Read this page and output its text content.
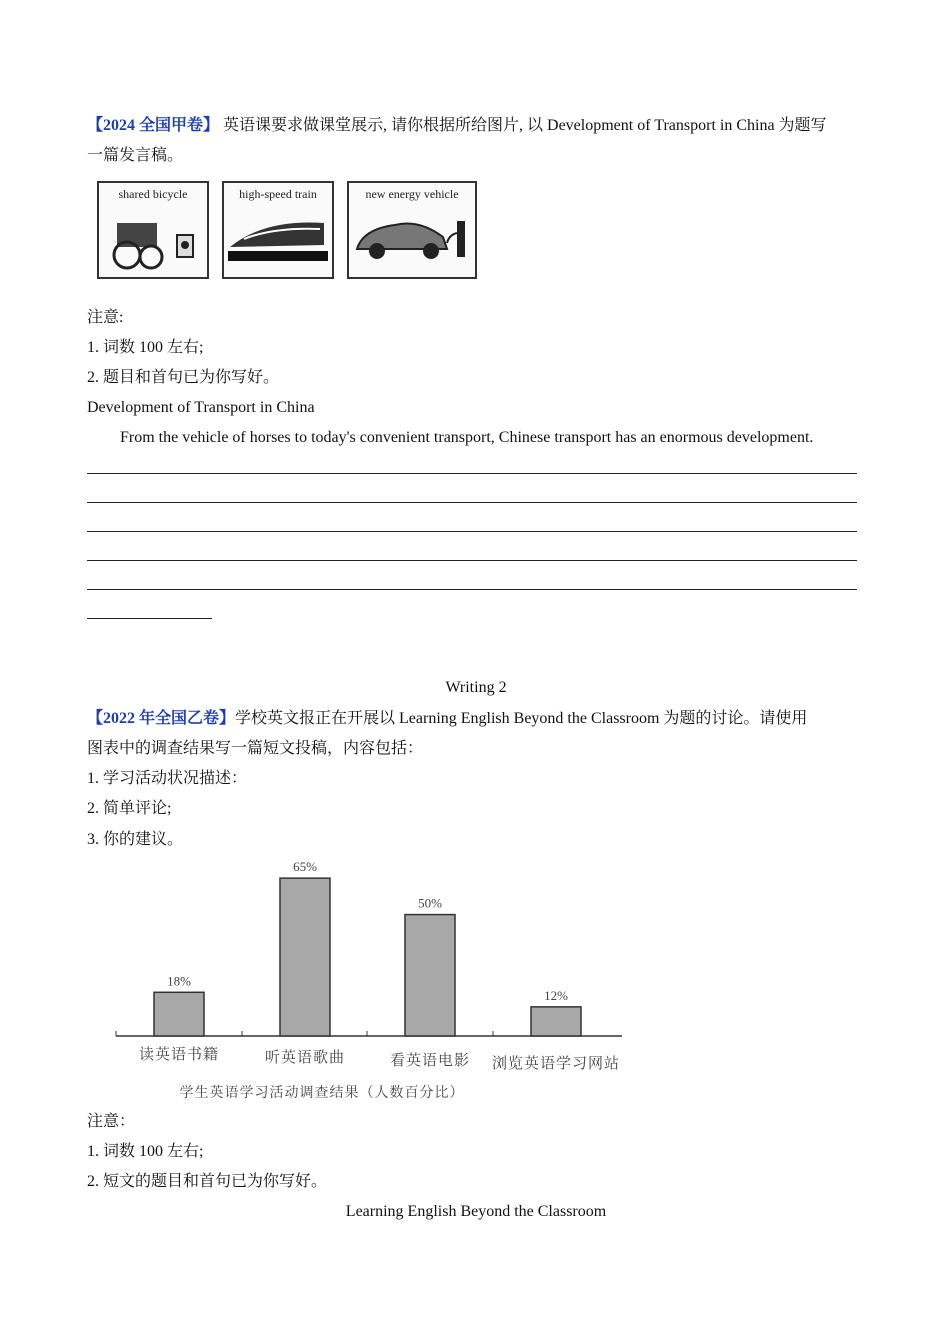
【2024 全国甲卷】 英语课要求做课堂展示, 请你根据所给图片, 以 Development of Transport in China 为题写
一篇发言稿。
shared bicycle	high-speed train	new energy vehicle
注意:
1. 词数 100 左右;
2. 题目和首句已为你写好。
Development of Transport in China
From the vehicle of horses to today's convenient transport, Chinese transport has an enormous development.
Writing 2
【2022 年全国乙卷】学校英文报正在开展以 Learning English Beyond the Classroom 为题的讨论。请使用
图表中的调查结果写一篇短文投稿，内容包括：
1. 学习活动状况描述：
2. 简单评论;
3. 你的建议。
18%
读英语书籍
65%
听英语歌曲
50%
看英语电影
12%
浏览英语学习网站
学生英语学习活动调查结果（人数百分比）
注意：
1. 词数 100 左右;
2. 短文的题目和首句已为你写好。
Learning English Beyond the Classroom
